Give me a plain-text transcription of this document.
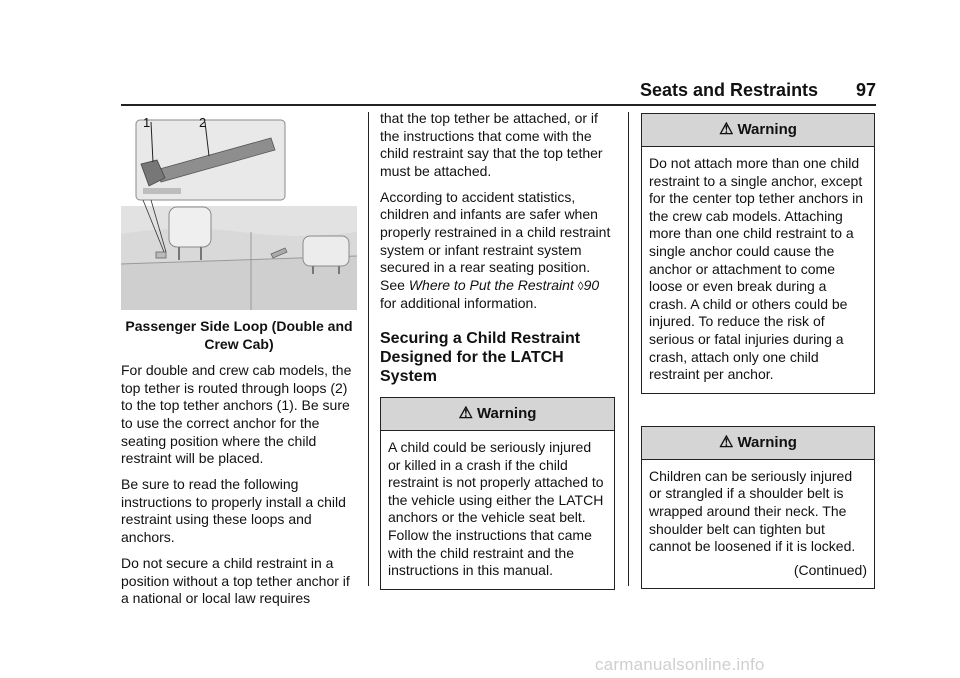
Seats and Restraints 97
1	2
Passenger Side Loop (Double and Crew Cab)

For double and crew cab models, the top tether is routed through loops (2) to the top tether anchors (1). Be sure to use the correct anchor for the seating position where the child restraint will be placed.

Be sure to read the following instructions to properly install a child restraint using these loops and anchors.

Do not secure a child restraint in a position without a top tether anchor if a national or local law requires

that the top tether be attached, or if the instructions that come with the child restraint say that the top tether must be attached.

According to accident statistics, children and infants are safer when properly restrained in a child restraint system or infant restraint system secured in a rear seating position. See Where to Put the Restraint ◊90 for additional information.

Securing a Child Restraint Designed for the LATCH System
⚠ Warning
A child could be seriously injured or killed in a crash if the child restraint is not properly attached to the vehicle using either the LATCH anchors or the vehicle seat belt. Follow the instructions that came with the child restraint and the instructions in this manual.
⚠ Warning
Do not attach more than one child restraint to a single anchor, except for the center top tether anchors in the crew cab models. Attaching more than one child restraint to a single anchor could cause the anchor or attachment to come loose or even break during a crash. A child or others could be injured. To reduce the risk of serious or fatal injuries during a crash, attach only one child restraint per anchor.
⚠ Warning
Children can be seriously injured or strangled if a shoulder belt is wrapped around their neck. The shoulder belt can tighten but cannot be loosened if it is locked.
(Continued)
carmanualsonline.info
